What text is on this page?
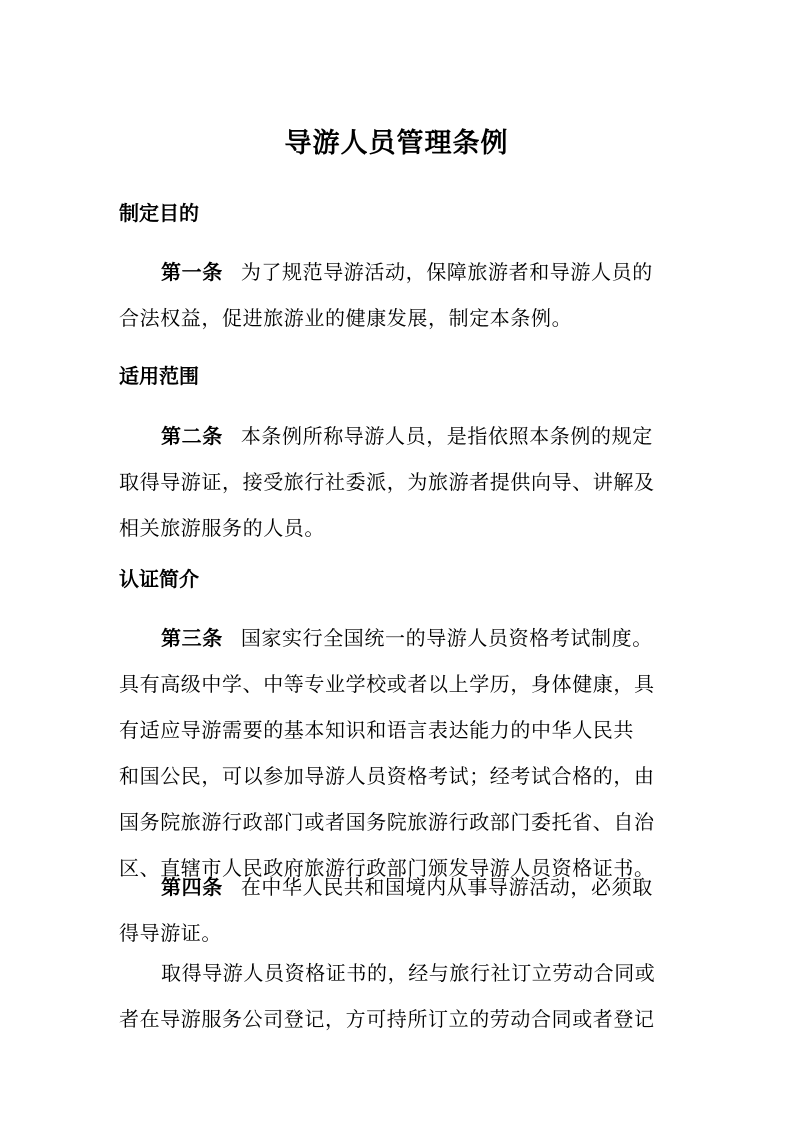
导游人员管理条例
制定目的
第一条 为了规范导游活动，保障旅游者和导游人员的
合法权益，促进旅游业的健康发展，制定本条例。
适用范围
第二条 本条例所称导游人员，是指依照本条例的规定
取得导游证，接受旅行社委派，为旅游者提供向导、讲解及
相关旅游服务的人员。
认证简介
第三条 国家实行全国统一的导游人员资格考试制度。
具有高级中学、中等专业学校或者以上学历，身体健康，具
有适应导游需要的基本知识和语言表达能力的中华人民共
和国公民，可以参加导游人员资格考试；经考试合格的，由
国务院旅游行政部门或者国务院旅游行政部门委托省、自治
区、直辖市人民政府旅游行政部门颁发导游人员资格证书。
第四条 在中华人民共和国境内从事导游活动，必须取
得导游证。
取得导游人员资格证书的，经与旅行社订立劳动合同或
者在导游服务公司登记，方可持所订立的劳动合同或者登记
